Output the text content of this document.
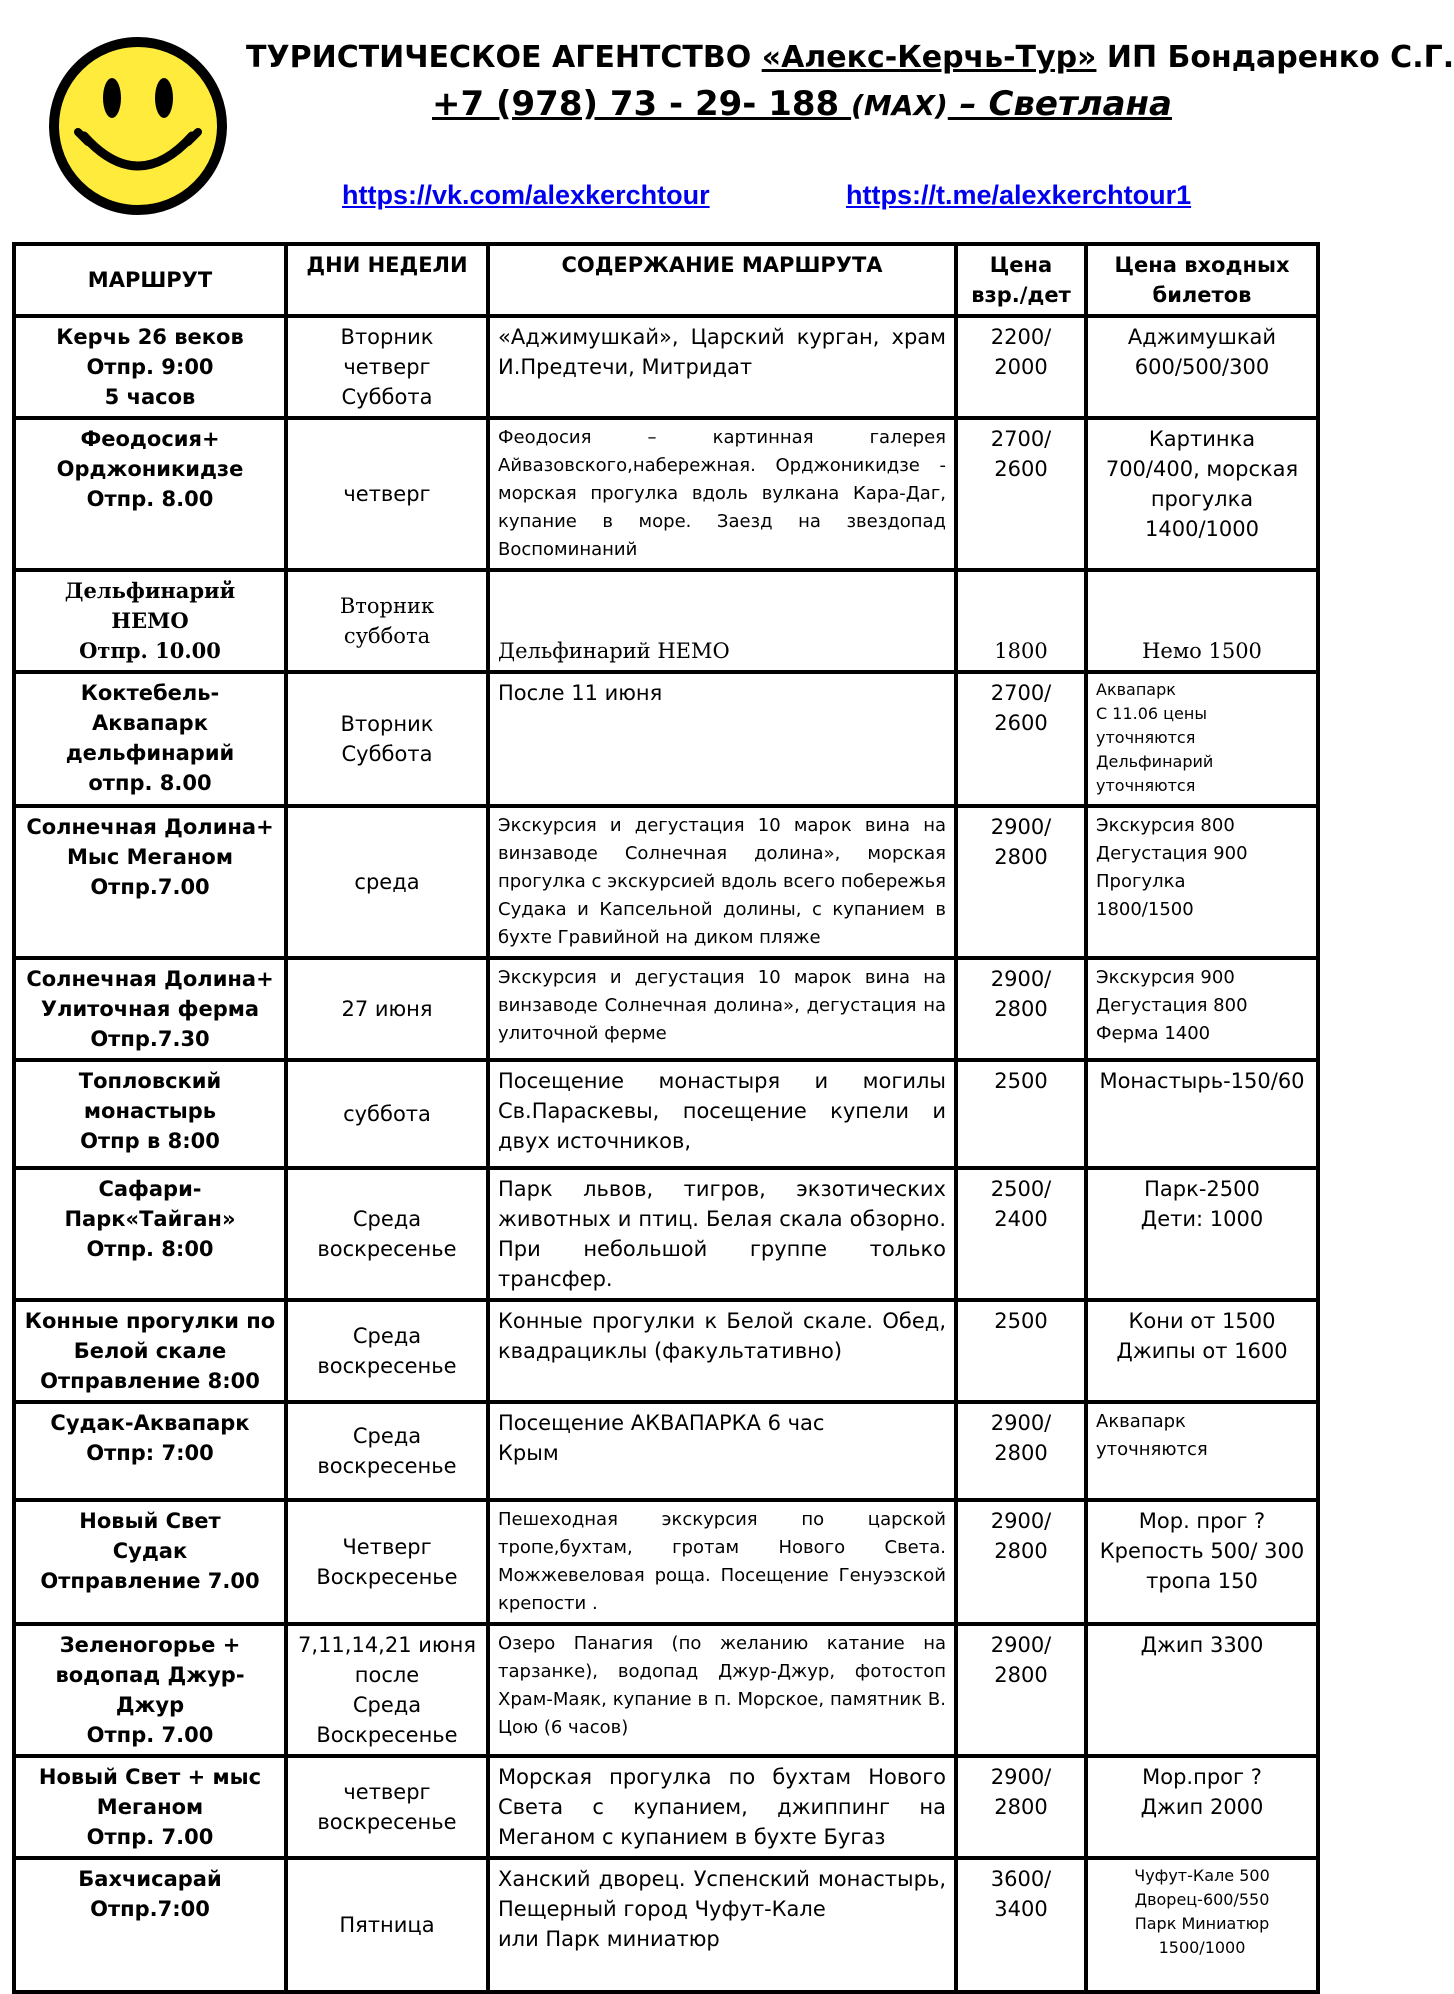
ТУРИСТИЧЕСКОЕ АГЕНТСТВО «Алекс-Керчь-Тур» ИП Бондаренко С.Г.
+7 (978) 73 - 29- 188 (МАХ) – Светлана
https://vk.com/alexkerchtour	https://t.me/alexkerchtour1
МАРШРУТ	ДНИ НЕДЕЛИ	СОДЕРЖАНИЕ МАРШРУТА	Цена взр./дет	Цена входных билетов
Керчь 26 веков
Отпр. 9:00
5 часов	Вторник
четверг
Суббота	«Аджимушкай», Царский курган, храм И.Предтечи, Митридат	2200/
2000	Аджимушкай
600/500/300
Феодосия+
Орджоникидзе
Отпр. 8.00	четверг	Феодосия – картинная галерея Айвазовского,набережная. Орджоникидзе - морская прогулка вдоль вулкана Кара-Даг, купание в море. Заезд на звездопад Воспоминаний	2700/
2600	Картинка
700/400, морская прогулка
1400/1000
Дельфинарий НЕМО
Отпр. 10.00	Вторник
суббота	Дельфинарий НЕМО	1800	Немо 1500
Коктебель-Аквапарк
дельфинарий
отпр. 8.00	Вторник
Суббота	После 11 июня	2700/
2600	Аквапарк
С 11.06 цены
уточняются
Дельфинарий
уточняются
Солнечная Долина+
Мыс Меганом
Отпр.7.00	среда	Экскурсия и дегустация 10 марок вина на винзаводе Солнечная долина», морская прогулка с экскурсией вдоль всего побережья Судака и Капсельной долины, с купанием в бухте Гравийной на диком пляже	2900/
2800	Экскурсия 800
Дегустация 900
Прогулка
1800/1500
Солнечная Долина+
Улиточная ферма
Отпр.7.30	27 июня	Экскурсия и дегустация 10 марок вина на винзаводе Солнечная долина», дегустация на улиточной ферме	2900/
2800	Экскурсия 900
Дегустация 800
Ферма 1400
Топловский
монастырь
Отпр в 8:00	суббота	Посещение монастыря и могилы Св.Параскевы, посещение купели и двух источников,	2500	Монастырь-150/60
Сафари-
Парк«Тайган»
Отпр. 8:00	Среда
воскресенье	Парк львов, тигров, экзотических животных и птиц. Белая скала обзорно. При небольшой группе только трансфер.	2500/
2400	Парк-2500
Дети: 1000
Конные прогулки по
Белой скале
Отправление 8:00	Среда
воскресенье	Конные прогулки к Белой скале. Обед, квадрациклы (факультативно)	2500	Кони от 1500
Джипы от 1600
Судак-Аквапарк
Отпр: 7:00	Среда
воскресенье	Посещение АКВАПАРКА 6 час
Крым	2900/
2800	Аквапарк
уточняются
Новый Свет
Судак
Отправление 7.00	Четверг
Воскресенье	Пешеходная экскурсия по царской тропе,бухтам, гротам Нового Света. Можжевеловая роща. Посещение Генуэзской крепости .	2900/
2800	Мор. прог ?
Крепость 500/ 300
тропа 150
Зеленогорье +
водопад Джур-Джур
Отпр. 7.00	7,11,14,21 июня
после
Среда
Воскресенье	Озеро Панагия (по желанию катание на тарзанке), водопад Джур-Джур, фотостоп Храм-Маяк, купание в п. Морское, памятник В. Цою (6 часов)	2900/
2800	Джип 3300
Новый Свет + мыс
Меганом
Отпр. 7.00	четверг
воскресенье	Морская прогулка по бухтам Нового Света с купанием, джиппинг на Меганом с купанием в бухте Бугаз	2900/
2800	Мор.прог ?
Джип 2000
Бахчисарай
Отпр.7:00	Пятница	Ханский дворец. Успенский монастырь, Пещерный город Чуфут-Кале
или Парк миниатюр	3600/
3400	Чуфут-Кале 500
Дворец-600/550
Парк Миниатюр
1500/1000
